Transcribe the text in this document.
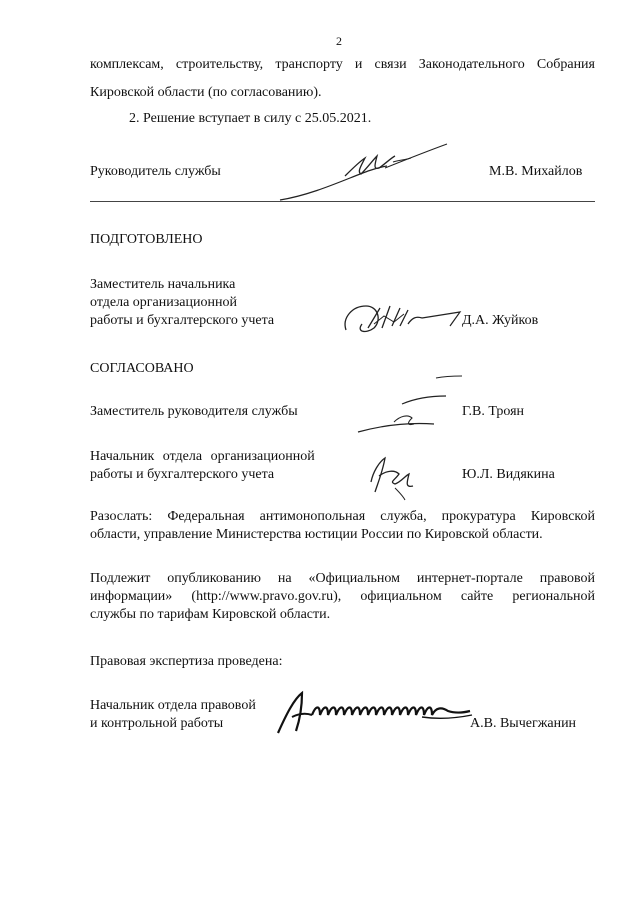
2
комплексам, строительству, транспорту и связи Законодательного Собрания
Кировской области (по согласованию).
2. Решение вступает в силу с 25.05.2021.
Руководитель службы	М.В. Михайлов
ПОДГОТОВЛЕНО
Заместитель начальника
отдела организационной
работы и бухгалтерского учета	Д.А. Жуйков
СОГЛАСОВАНО
Заместитель руководителя службы	Г.В. Троян
Начальник отдела организационной
работы и бухгалтерского учета	Ю.Л. Видякина
Разослать: Федеральная антимонопольная служба, прокуратура Кировской
области, управление Министерства юстиции России по Кировской области.
Подлежит опубликованию на «Официальном интернет-портале правовой
информации» (http://www.pravo.gov.ru), официальном сайте региональной
службы по тарифам Кировской области.
Правовая экспертиза проведена:
Начальник отдела правовой
и контрольной работы	А.В. Вычегжанин
